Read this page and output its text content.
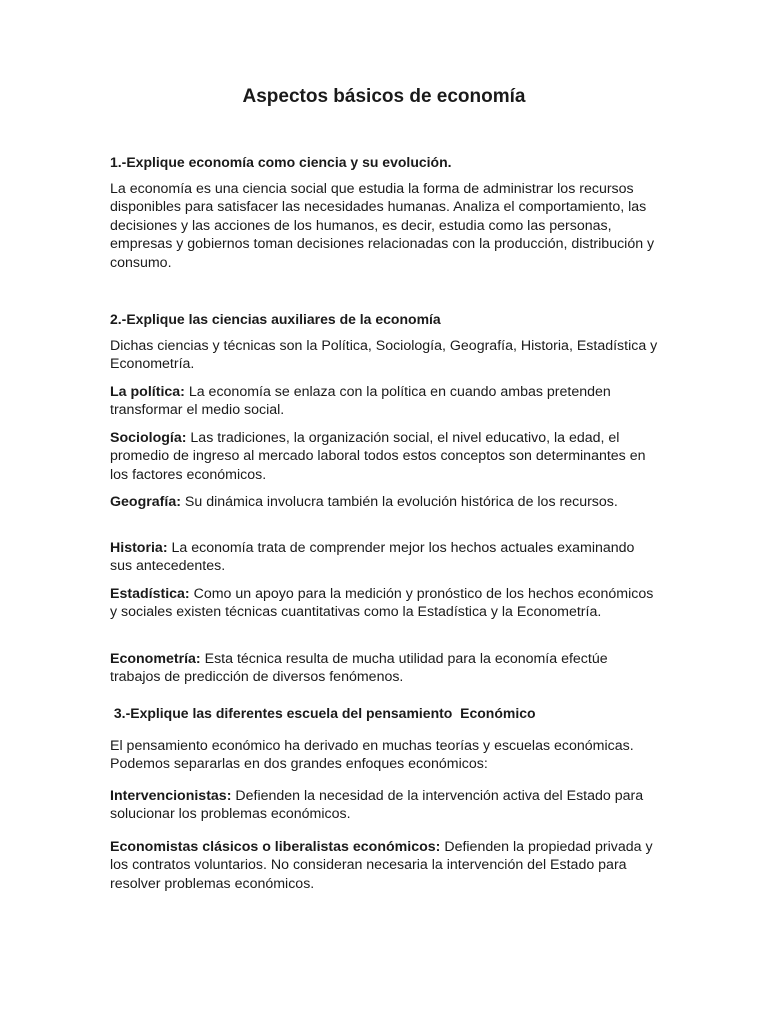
Aspectos básicos de economía
1.-Explique economía como ciencia y su evolución.
La economía es una ciencia social que estudia la forma de administrar los recursos disponibles para satisfacer las necesidades humanas. Analiza el comportamiento, las decisiones y las acciones de los humanos, es decir, estudia como las personas, empresas y gobiernos toman decisiones relacionadas con la producción, distribución y consumo.
2.-Explique las ciencias auxiliares de la economía
Dichas ciencias y técnicas son la Política, Sociología, Geografía, Historia, Estadística y Econometría.
La política: La economía se enlaza con la política en cuando ambas pretenden transformar el medio social.
Sociología: Las tradiciones, la organización social, el nivel educativo, la edad, el promedio de ingreso al mercado laboral todos estos conceptos son determinantes en los factores económicos.
Geografía: Su dinámica involucra también la evolución histórica de los recursos.
Historia: La economía trata de comprender mejor los hechos actuales examinando sus antecedentes.
Estadística: Como un apoyo para la medición y pronóstico de los hechos económicos y sociales existen técnicas cuantitativas como la Estadística y la Econometría.
Econometría: Esta técnica resulta de mucha utilidad para la economía efectúe trabajos de predicción de diversos fenómenos.
3.-Explique las diferentes escuela del pensamiento  Económico
El pensamiento económico ha derivado en muchas teorías y escuelas económicas. Podemos separarlas en dos grandes enfoques económicos:
Intervencionistas: Defienden la necesidad de la intervención activa del Estado para solucionar los problemas económicos.
Economistas clásicos o liberalistas económicos: Defienden la propiedad privada y los contratos voluntarios. No consideran necesaria la intervención del Estado para resolver problemas económicos.
